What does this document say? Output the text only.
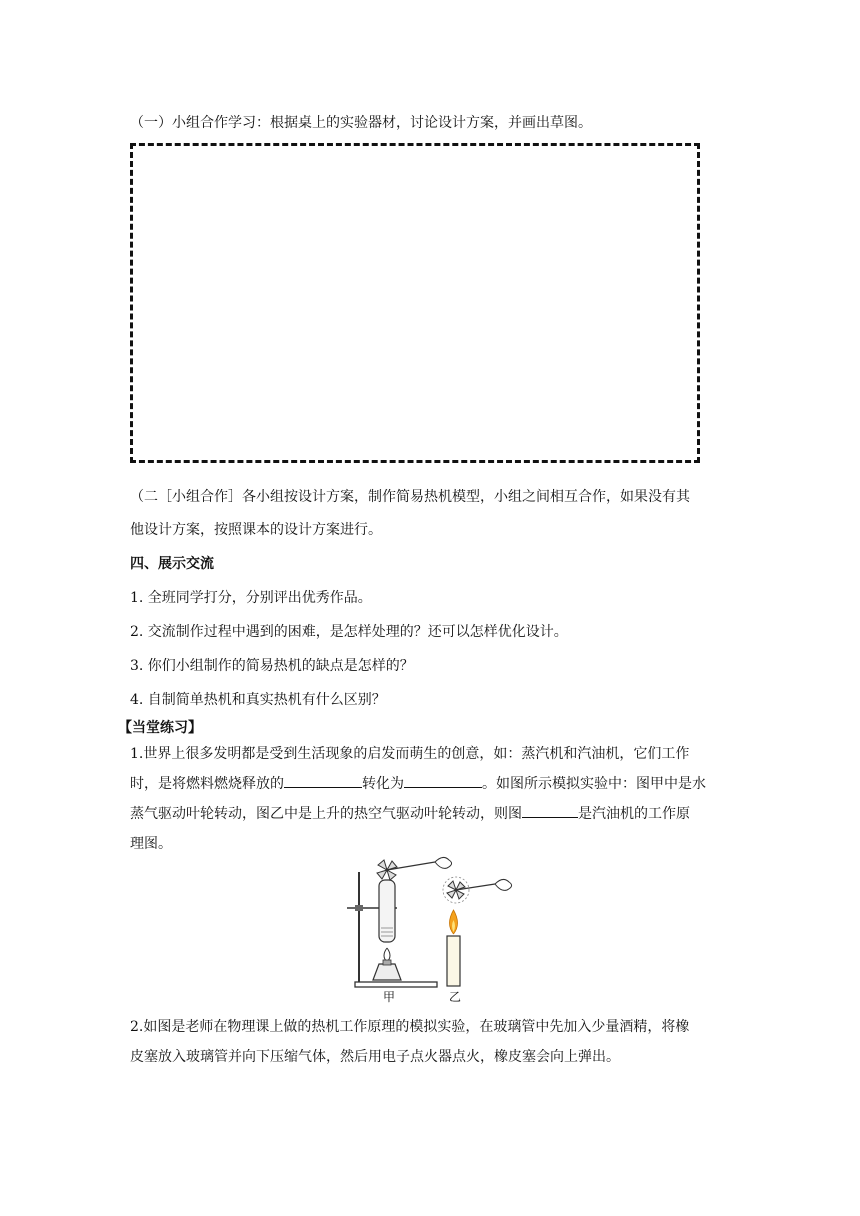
（一）小组合作学习：根据桌上的实验器材，讨论设计方案，并画出草图。
（二［小组合作］各小组按设计方案，制作简易热机模型，小组之间相互合作，如果没有其
他设计方案，按照课本的设计方案进行。
四、展示交流
1. 全班同学打分，分别评出优秀作品。
2. 交流制作过程中遇到的困难，是怎样处理的？还可以怎样优化设计。
3. 你们小组制作的简易热机的缺点是怎样的？
4. 自制简单热机和真实热机有什么区别？
【当堂练习】
1.世界上很多发明都是受到生活现象的启发而萌生的创意，如：蒸汽机和汽油机，它们工作
时，是将燃料燃烧释放的	转化为	。如图所示模拟实验中：图甲中是水
蒸气驱动叶轮转动，图乙中是上升的热空气驱动叶轮转动，则图	是汽油机的工作原
理图。
甲	乙
2.如图是老师在物理课上做的热机工作原理的模拟实验，在玻璃管中先加入少量酒精，将橡
皮塞放入玻璃管并向下压缩气体，然后用电子点火器点火，橡皮塞会向上弹出。
